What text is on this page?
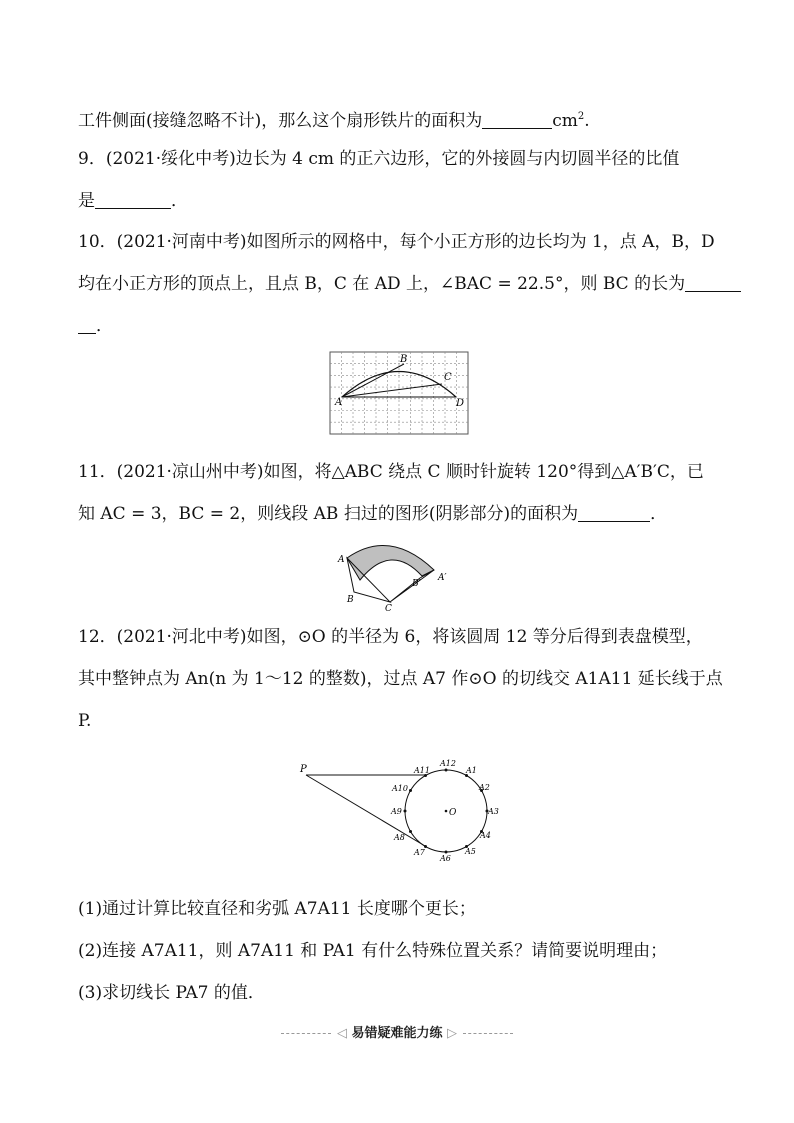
工件侧面(接缝忽略不计)，那么这个扇形铁片的面积为	$cm^2$.
9．(2021·绥化中考)边长为 4 cm 的正六边形，它的外接圆与内切圆半径的比值
是	．
10．(2021·河南中考)如图所示的网格中，每个小正方形的边长均为 1，点 A，B，D
均在小正方形的顶点上，且点 B，C 在 AD 上，∠BAC = 22.5°，则 BC 的长为
．
A
B
C
D
11．(2021·凉山州中考)如图，将△ABC 绕点 C 顺时针旋转 120°得到△A′B′C，已
知 AC = 3，BC = 2，则线段 AB 扫过的图形(阴影部分)的面积为	．
A
B
C
A′
B′
12．(2021·河北中考)如图，⊙O 的半径为 6，将该圆周 12 等分后得到表盘模型，
其中整钟点为 An(n 为 1～12 的整数)，过点 A7 作⊙O 的切线交 A1A11 延长线于点
P.
P
O
A12
A1
A2
A3
A4
A5
A6
A7
A8
A9
A10
A11
(1)通过计算比较直径和劣弧 A7A11 长度哪个更长；
(2)连接 A7A11，则 A7A11 和 PA1 有什么特殊位置关系？请简要说明理由；
(3)求切线长 PA7 的值．
◁ 易错疑难能力练 ▷
